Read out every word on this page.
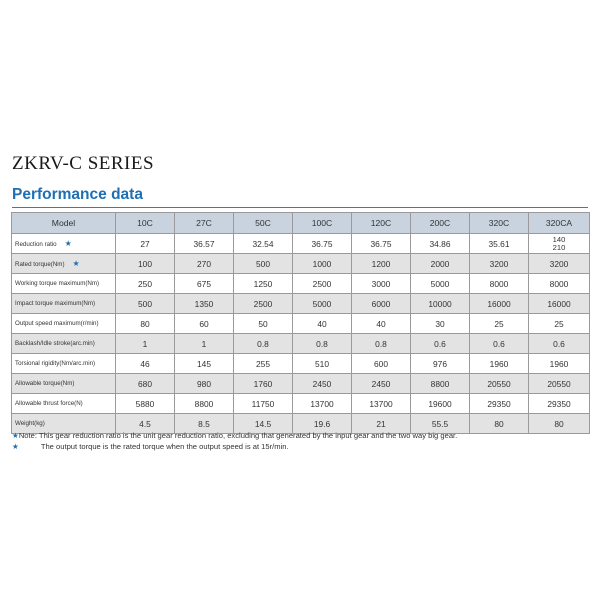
ZKRV-C SERIES
Performance data
Model	10C	27C	50C	100C	120C	200C	320C	320CA
Reduction ratio ★	27	36.57	32.54	36.75	36.75	34.86	35.61	140
210

Rated torque(Nm) ★	100	270	500	1000	1200	2000	3200	3200
Working torque maximum(Nm)	250	675	1250	2500	3000	5000	8000	8000
Impact torque maximum(Nm)	500	1350	2500	5000	6000	10000	16000	16000
Output speed maximum(r/min)	80	60	50	40	40	30	25	25
Backlash/Idle stroke(arc.min)	1	1	0.8	0.8	0.8	0.6	0.6	0.6
Torsional rigidity(Nm/arc.min)	46	145	255	510	600	976	1960	1960
Allowable torque(Nm)	680	980	1760	2450	2450	8800	20550	20550
Allowable thrust force(N)	5880	8800	11750	13700	13700	19600	29350	29350
Weight(kg)	4.5	8.5	14.5	19.6	21	55.5	80	80
★Note: This gear reduction ratio is the unit gear reduction ratio, excluding that generated by the input gear and the two way big gear.
★	The output torque is the rated torque when the output speed is at 15r/min.
